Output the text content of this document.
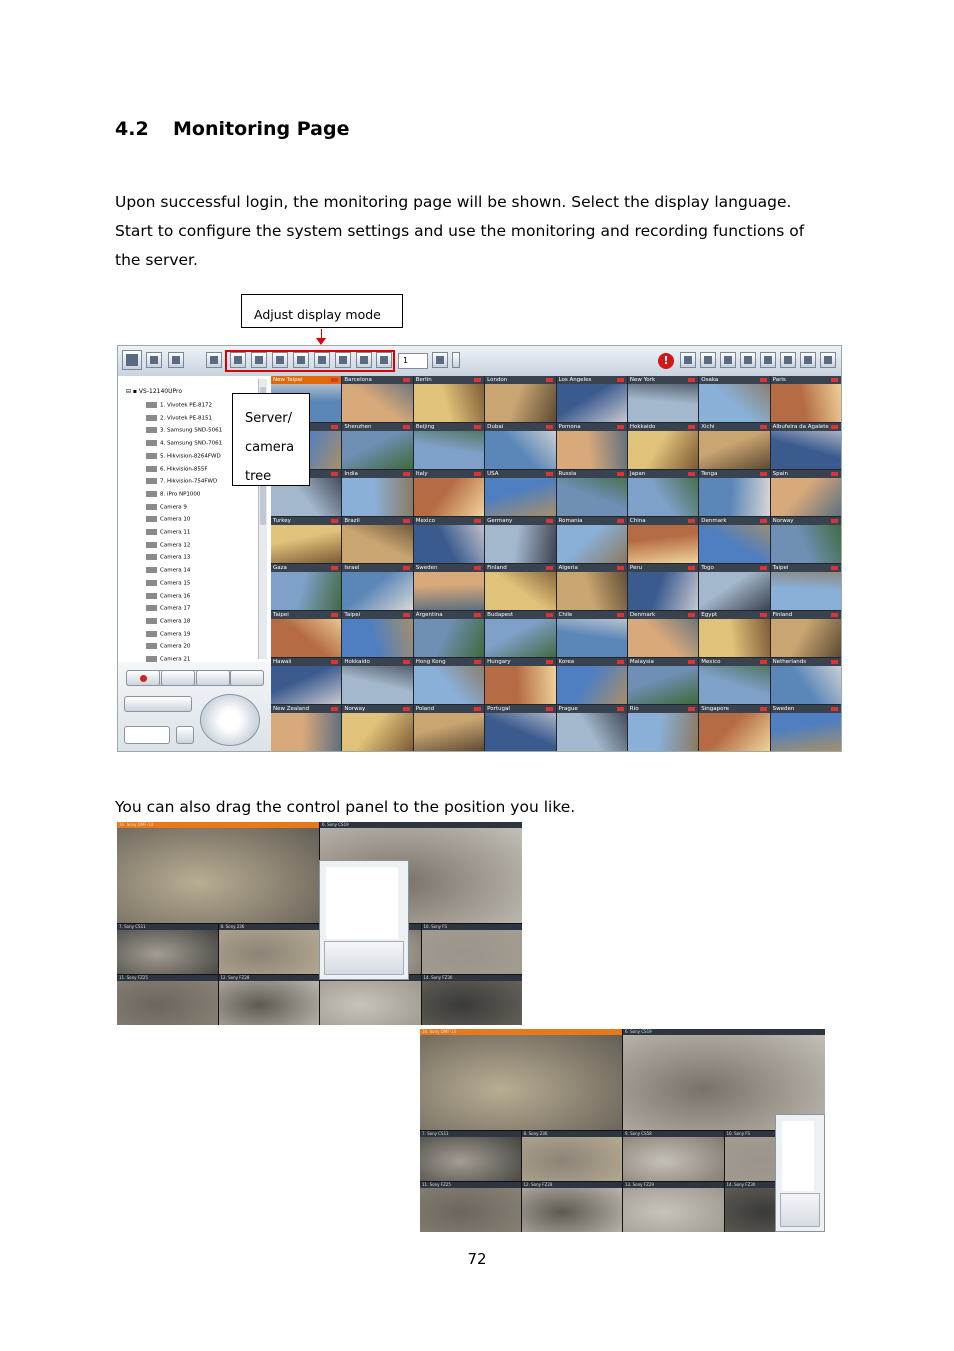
4.2 Monitoring Page
Upon successful login, the monitoring page will be shown. Select the display language.
Start to configure the system settings and use the monitoring and recording functions of
the server.
Adjust display mode
1	!
⊟ ▪ VS-12140UPro
1. Vivotek PE-8172
2. Vivotek PE-8151
3. Samsung SND-5061
4. Samsung SND-7061
5. Hikvision-8264FWD
6. Hikvision-855F
7. Hikvision-754FWD
8. iPro NP1000
Camera 9
Camera 10
Camera 11
Camera 12
Camera 13
Camera 14
Camera 15
Camera 16
Camera 17
Camera 18
Camera 19
Camera 20
Camera 21
New Taipei	Barcelona	Berlin	London	Los Angeles	New York	Osaka	Paris
Shenzhen	Beijing	Dubai	Pomona	Hokkaido	Xichi	Albufeira da Agalete
India	Italy	USA	Russia	Japan	Tenga	Spain
Turkey	Brazil	Mexico	Germany	Romania	China	Denmark	Norway
Gaza	Israel	Sweden	Finland	Algeria	Peru	Togo	Taipei
Taipei	Taipei	Argentina	Budapest	Chile	Denmark	Egypt	Finland
Hawaii	Hokkaido	Hong Kong	Hungary	Korea	Malaysia	Mexico	Netherlands
New Zealand	Norway	Poland	Portugal	Prague	Rio	Singapore	Sweden
Server/
camera
tree
You can also drag the control panel to the position you like.
16. Sony DMF-14	6. Sony CS19
7. Sony CS11	8. Sony 236	10. Sony FS
11. Sony FZ25	12. Sony FZ28	14. Sony FZ30
16. Sony DMF-14	6. Sony CS19
7. Sony CS11	8. Sony 236	9. Sony CS58	10. Sony FS
11. Sony FZ25	12. Sony FZ28	13. Sony FZ29	14. Sony FZ30
72
